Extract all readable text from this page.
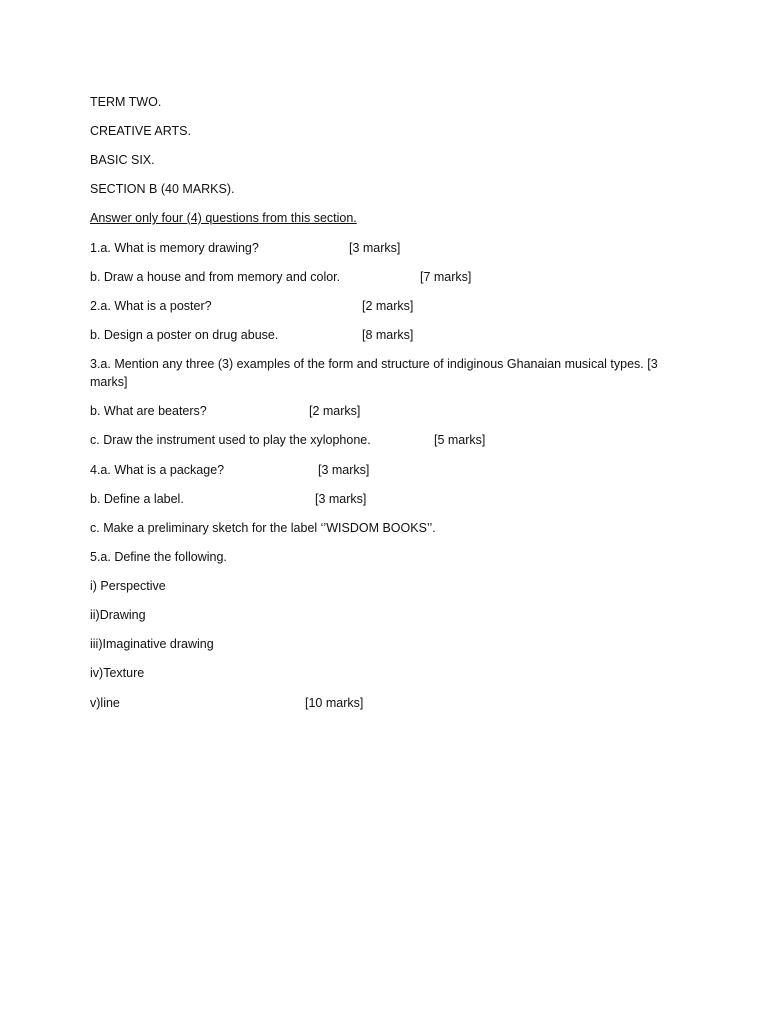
TERM TWO.
CREATIVE ARTS.
BASIC SIX.
SECTION B (40 MARKS).
Answer only four (4) questions from this section.
1.a. What is memory drawing?	[3 marks]
b. Draw a house and from memory and color.	[7 marks]
2.a. What is a poster?	[2 marks]
b. Design a poster on drug abuse.	[8 marks]
3.a. Mention any three (3) examples of the form and structure of indiginous Ghanaian musical types. [3 marks]
b. What are beaters?	[2 marks]
c. Draw the instrument used to play the xylophone.	[5 marks]
4.a. What is a package?	[3 marks]
b. Define a label.	[3 marks]
c. Make a preliminary sketch for the label ‘’WISDOM BOOKS’’.
5.a. Define the following.
i) Perspective
ii)Drawing
iii)Imaginative drawing
iv)Texture
v)line	[10 marks]
